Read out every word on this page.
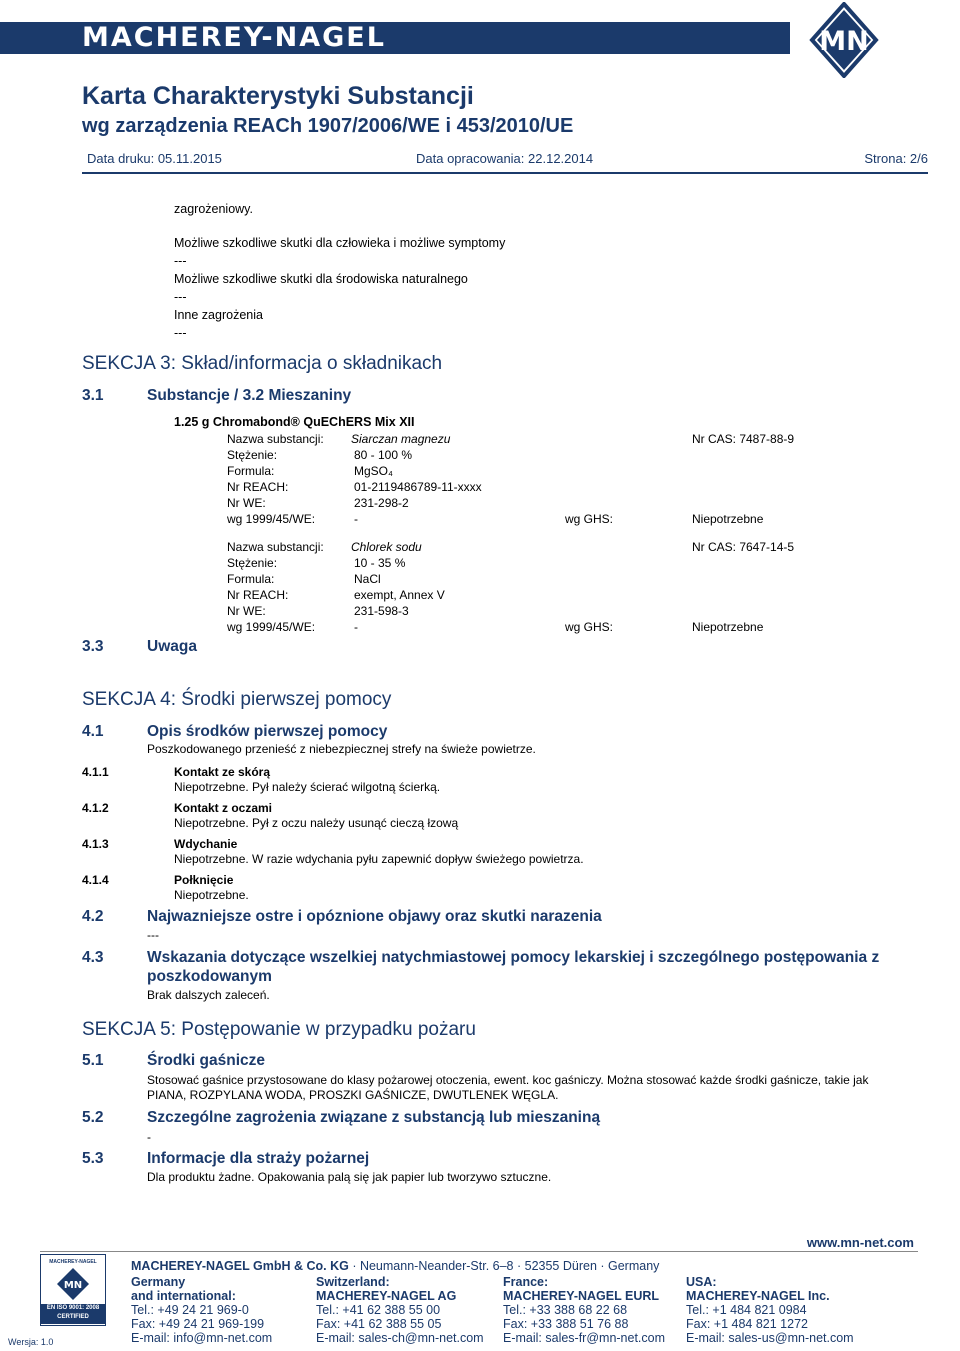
MACHEREY-NAGEL	MN
Karta Charakterystyki Substancji
wg zarządzenia REACh 1907/2006/WE i 453/2010/UE
Data druku: 05.11.2015	Data opracowania: 22.12.2014	Strona: 2/6
zagrożeniowy.
Możliwe szkodliwe skutki dla człowieka i możliwe symptomy
---
Możliwe szkodliwe skutki dla środowiska naturalnego
---
Inne zagrożenia
---
SEKCJA 3: Skład/informacja o składnikach
3.1	Substancje / 3.2 Mieszaniny
1.25 g Chromabond® QuEChERS Mix XII
Nazwa substancji: Siarczan magnezu	Nr CAS: 7487-88-9
Stężenie:	80 - 100 %
Formula:	MgSO₄
Nr REACH:	01-2119486789-11-xxxx
Nr WE:	231-298-2
wg 1999/45/WE:	-	wg GHS:	Niepotrzebne
Nazwa substancji: Chlorek sodu	Nr CAS: 7647-14-5
Stężenie:	10 - 35 %
Formula:	NaCl
Nr REACH:	exempt, Annex V
Nr WE:	231-598-3
wg 1999/45/WE:	-	wg GHS:	Niepotrzebne
3.3	Uwaga
SEKCJA 4: Środki pierwszej pomocy
4.1	Opis środków pierwszej pomocy
Poszkodowanego przenieść z niebezpiecznej strefy na świeże powietrze.
4.1.1	Kontakt ze skórą
Niepotrzebne. Pył należy ścierać wilgotną ścierką.
4.1.2	Kontakt z oczami
Niepotrzebne. Pył z oczu należy usunąć cieczą łzową
4.1.3	Wdychanie
Niepotrzebne. W razie wdychania pyłu zapewnić dopływ świeżego powietrza.
4.1.4	Połknięcie
Niepotrzebne.
4.2	Najwazniejsze ostre i opóznione objawy oraz skutki narazenia
---
4.3	Wskazania dotyczące wszelkiej natychmiastowej pomocy lekarskiej i szczególnego postępowania z
poszkodowanym
Brak dalszych zaleceń.
SEKCJA 5: Postępowanie w przypadku pożaru
5.1	Środki gaśnicze
Stosować gaśnice przystosowane do klasy pożarowej otoczenia, ewent. koc gaśniczy. Można stosować każde środki gaśnicze, takie jak
PIANA, ROZPYLANA WODA, PROSZKI GAŚNICZE, DWUTLENEK WĘGLA.
5.2	Szczególne zagrożenia związane z substancją lub mieszaniną
-
5.3	Informacje dla straży pożarnej
Dla produktu żadne. Opakowania palą się jak papier lub tworzywo sztuczne.
www.mn-net.com
MACHEREY-NAGEL
MN
EN ISO 9001: 2008
CERTIFIED
Wersja: 1.0
MACHEREY-NAGEL GmbH & Co. KG · Neumann-Neander-Str. 6–8 · 52355 Düren · Germany
Germany
and international:
Tel.: +49 24 21 969-0
Fax: +49 24 21 969-199
E-mail: info@mn-net.com
Switzerland:
MACHEREY-NAGEL AG
Tel.: +41 62 388 55 00
Fax: +41 62 388 55 05
E-mail: sales-ch@mn-net.com
France:
MACHEREY-NAGEL EURL
Tel.: +33 388 68 22 68
Fax: +33 388 51 76 88
E-mail: sales-fr@mn-net.com
USA:
MACHEREY-NAGEL Inc.
Tel.: +1 484 821 0984
Fax: +1 484 821 1272
E-mail: sales-us@mn-net.com
